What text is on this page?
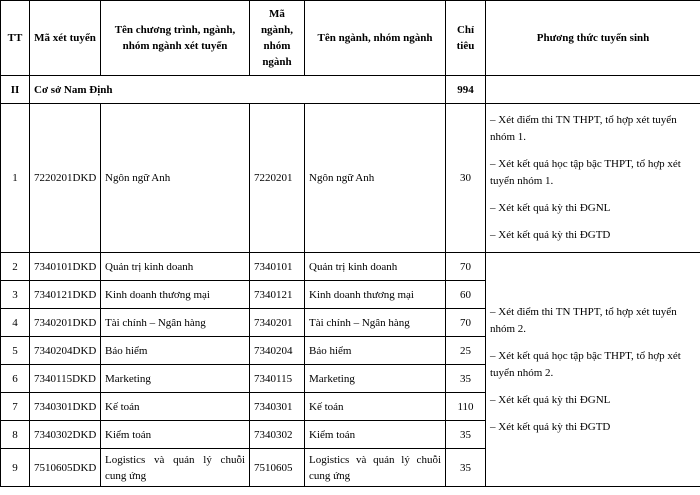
TT	Mã xét tuyển	Tên chương trình, ngành, nhóm ngành xét tuyển	Mã ngành, nhóm ngành	Tên ngành, nhóm ngành	Chỉ tiêu	Phương thức tuyển sinh
II	Cơ sở Nam Định				994	
1	7220201DKD	Ngôn ngữ Anh	7220201	Ngôn ngữ Anh	30	– Xét điểm thi TN THPT, tổ hợp xét tuyển nhóm 1.

– Xét kết quả học tập bậc THPT, tổ hợp xét tuyển nhóm 1.

– Xét kết quả kỳ thi ĐGNL

– Xét kết quả kỳ thi ĐGTD

2	7340101DKD	Quản trị kinh doanh	7340101	Quản trị kinh doanh	70	– Xét điểm thi TN THPT, tổ hợp xét tuyển nhóm 2.

– Xét kết quả học tập bậc THPT, tổ hợp xét tuyển nhóm 2.

– Xét kết quả kỳ thi ĐGNL

– Xét kết quả kỳ thi ĐGTD

3	7340121DKD	Kinh doanh thương mại	7340121	Kinh doanh thương mại	60	
4	7340201DKD	Tài chính – Ngân hàng	7340201	Tài chính – Ngân hàng	70	
5	7340204DKD	Bảo hiểm	7340204	Bảo hiểm	25	
6	7340115DKD	Marketing	7340115	Marketing	35	
7	7340301DKD	Kế toán	7340301	Kế toán	110	
8	7340302DKD	Kiểm toán	7340302	Kiểm toán	35	
9	7510605DKD	Logistics và quản lý chuỗi cung ứng	7510605	Logistics và quản lý chuỗi cung ứng	35	
